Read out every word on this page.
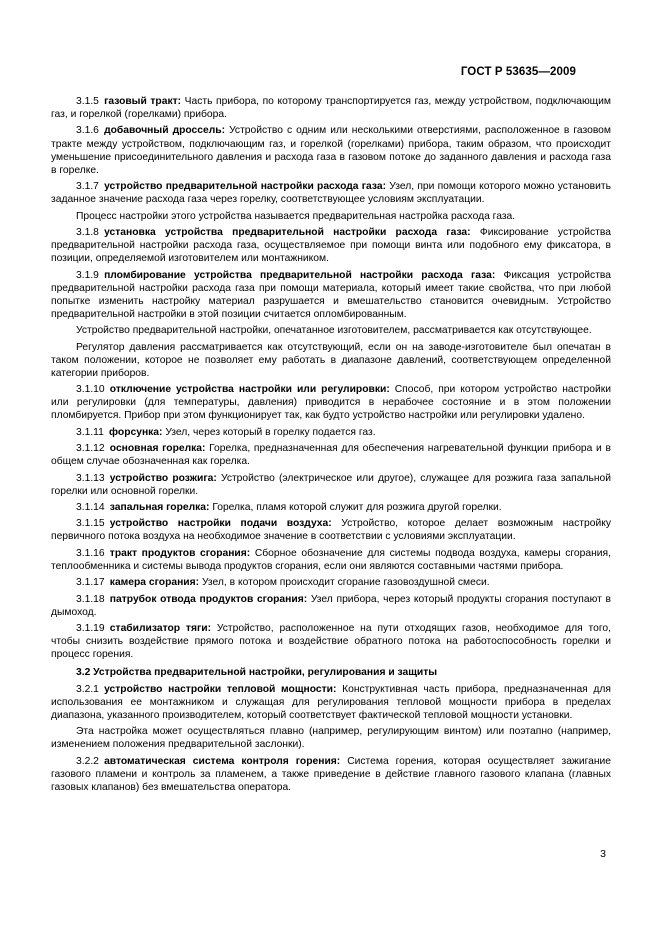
ГОСТ Р 53635—2009

3.1.5  газовый тракт: Часть прибора, по которому транспортируется газ, между устройством, подключающим газ, и горелкой (горелками) прибора.

3.1.6  добавочный дроссель: Устройство с одним или несколькими отверстиями, расположенное в газовом тракте между устройством, подключающим газ, и горелкой (горелками) прибора, таким образом, что происходит уменьшение присоединительного давления и расхода газа в газовом потоке до заданного давления и расхода газа в горелке.

3.1.7  устройство предварительной настройки расхода газа: Узел, при помощи которого можно установить заданное значение расхода газа через горелку, соответствующее условиям эксплуатации.

Процесс настройки этого устройства называется предварительная настройка расхода газа.

3.1.8  установка устройства предварительной настройки расхода газа: Фиксирование устройства предварительной настройки расхода газа, осуществляемое при помощи винта или подобного ему фиксатора, в позиции, определяемой изготовителем или монтажником.

3.1.9  пломбирование устройства предварительной настройки расхода газа: Фиксация устройства предварительной настройки расхода газа при помощи материала, который имеет такие свойства, что при любой попытке изменить настройку материал разрушается и вмешательство становится очевидным. Устройство предварительной настройки в этой позиции считается опломбированным.

Устройство предварительной настройки, опечатанное изготовителем, рассматривается как отсутствующее.

Регулятор давления рассматривается как отсутствующий, если он на заводе-изготовителе был опечатан в таком положении, которое не позволяет ему работать в диапазоне давлений, соответствующем определенной категории приборов.

3.1.10  отключение устройства настройки или регулировки: Способ, при котором устройство настройки или регулировки (для температуры, давления) приводится в нерабочее состояние и в этом положении пломбируется. Прибор при этом функционирует так, как будто устройство настройки или регулировки удалено.

3.1.11  форсунка: Узел, через который в горелку подается газ.

3.1.12  основная горелка: Горелка, предназначенная для обеспечения нагревательной функции прибора и в общем случае обозначенная как горелка.

3.1.13  устройство розжига: Устройство (электрическое или другое), служащее для розжига газа запальной горелки или основной горелки.

3.1.14  запальная горелка: Горелка, пламя которой служит для розжига другой горелки.

3.1.15  устройство настройки подачи воздуха: Устройство, которое делает возможным настройку первичного потока воздуха на необходимое значение в соответствии с условиями эксплуатации.

3.1.16  тракт продуктов сгорания: Сборное обозначение для системы подвода воздуха, камеры сгорания, теплообменника и системы вывода продуктов сгорания, если они являются составными частями прибора.

3.1.17  камера сгорания: Узел, в котором происходит сгорание газовоздушной смеси.

3.1.18  патрубок отвода продуктов сгорания: Узел прибора, через который продукты сгорания поступают в дымоход.

3.1.19  стабилизатор тяги: Устройство, расположенное на пути отходящих газов, необходимое для того, чтобы снизить воздействие прямого потока и воздействие обратного потока на работоспособность горелки и процесс горения.

3.2 Устройства предварительной настройки, регулирования и защиты

3.2.1  устройство настройки тепловой мощности: Конструктивная часть прибора, предназначенная для использования ее монтажником и служащая для регулирования тепловой мощности прибора в пределах диапазона, указанного производителем, который соответствует фактической тепловой мощности установки.

Эта настройка может осуществляться плавно (например, регулирующим винтом) или поэтапно (например, изменением положения предварительной заслонки).

3.2.2  автоматическая система контроля горения: Система горения, которая осуществляет зажигание газового пламени и контроль за пламенем, а также приведение в действие главного газового клапана (главных газовых клапанов) без вмешательства оператора.

3
